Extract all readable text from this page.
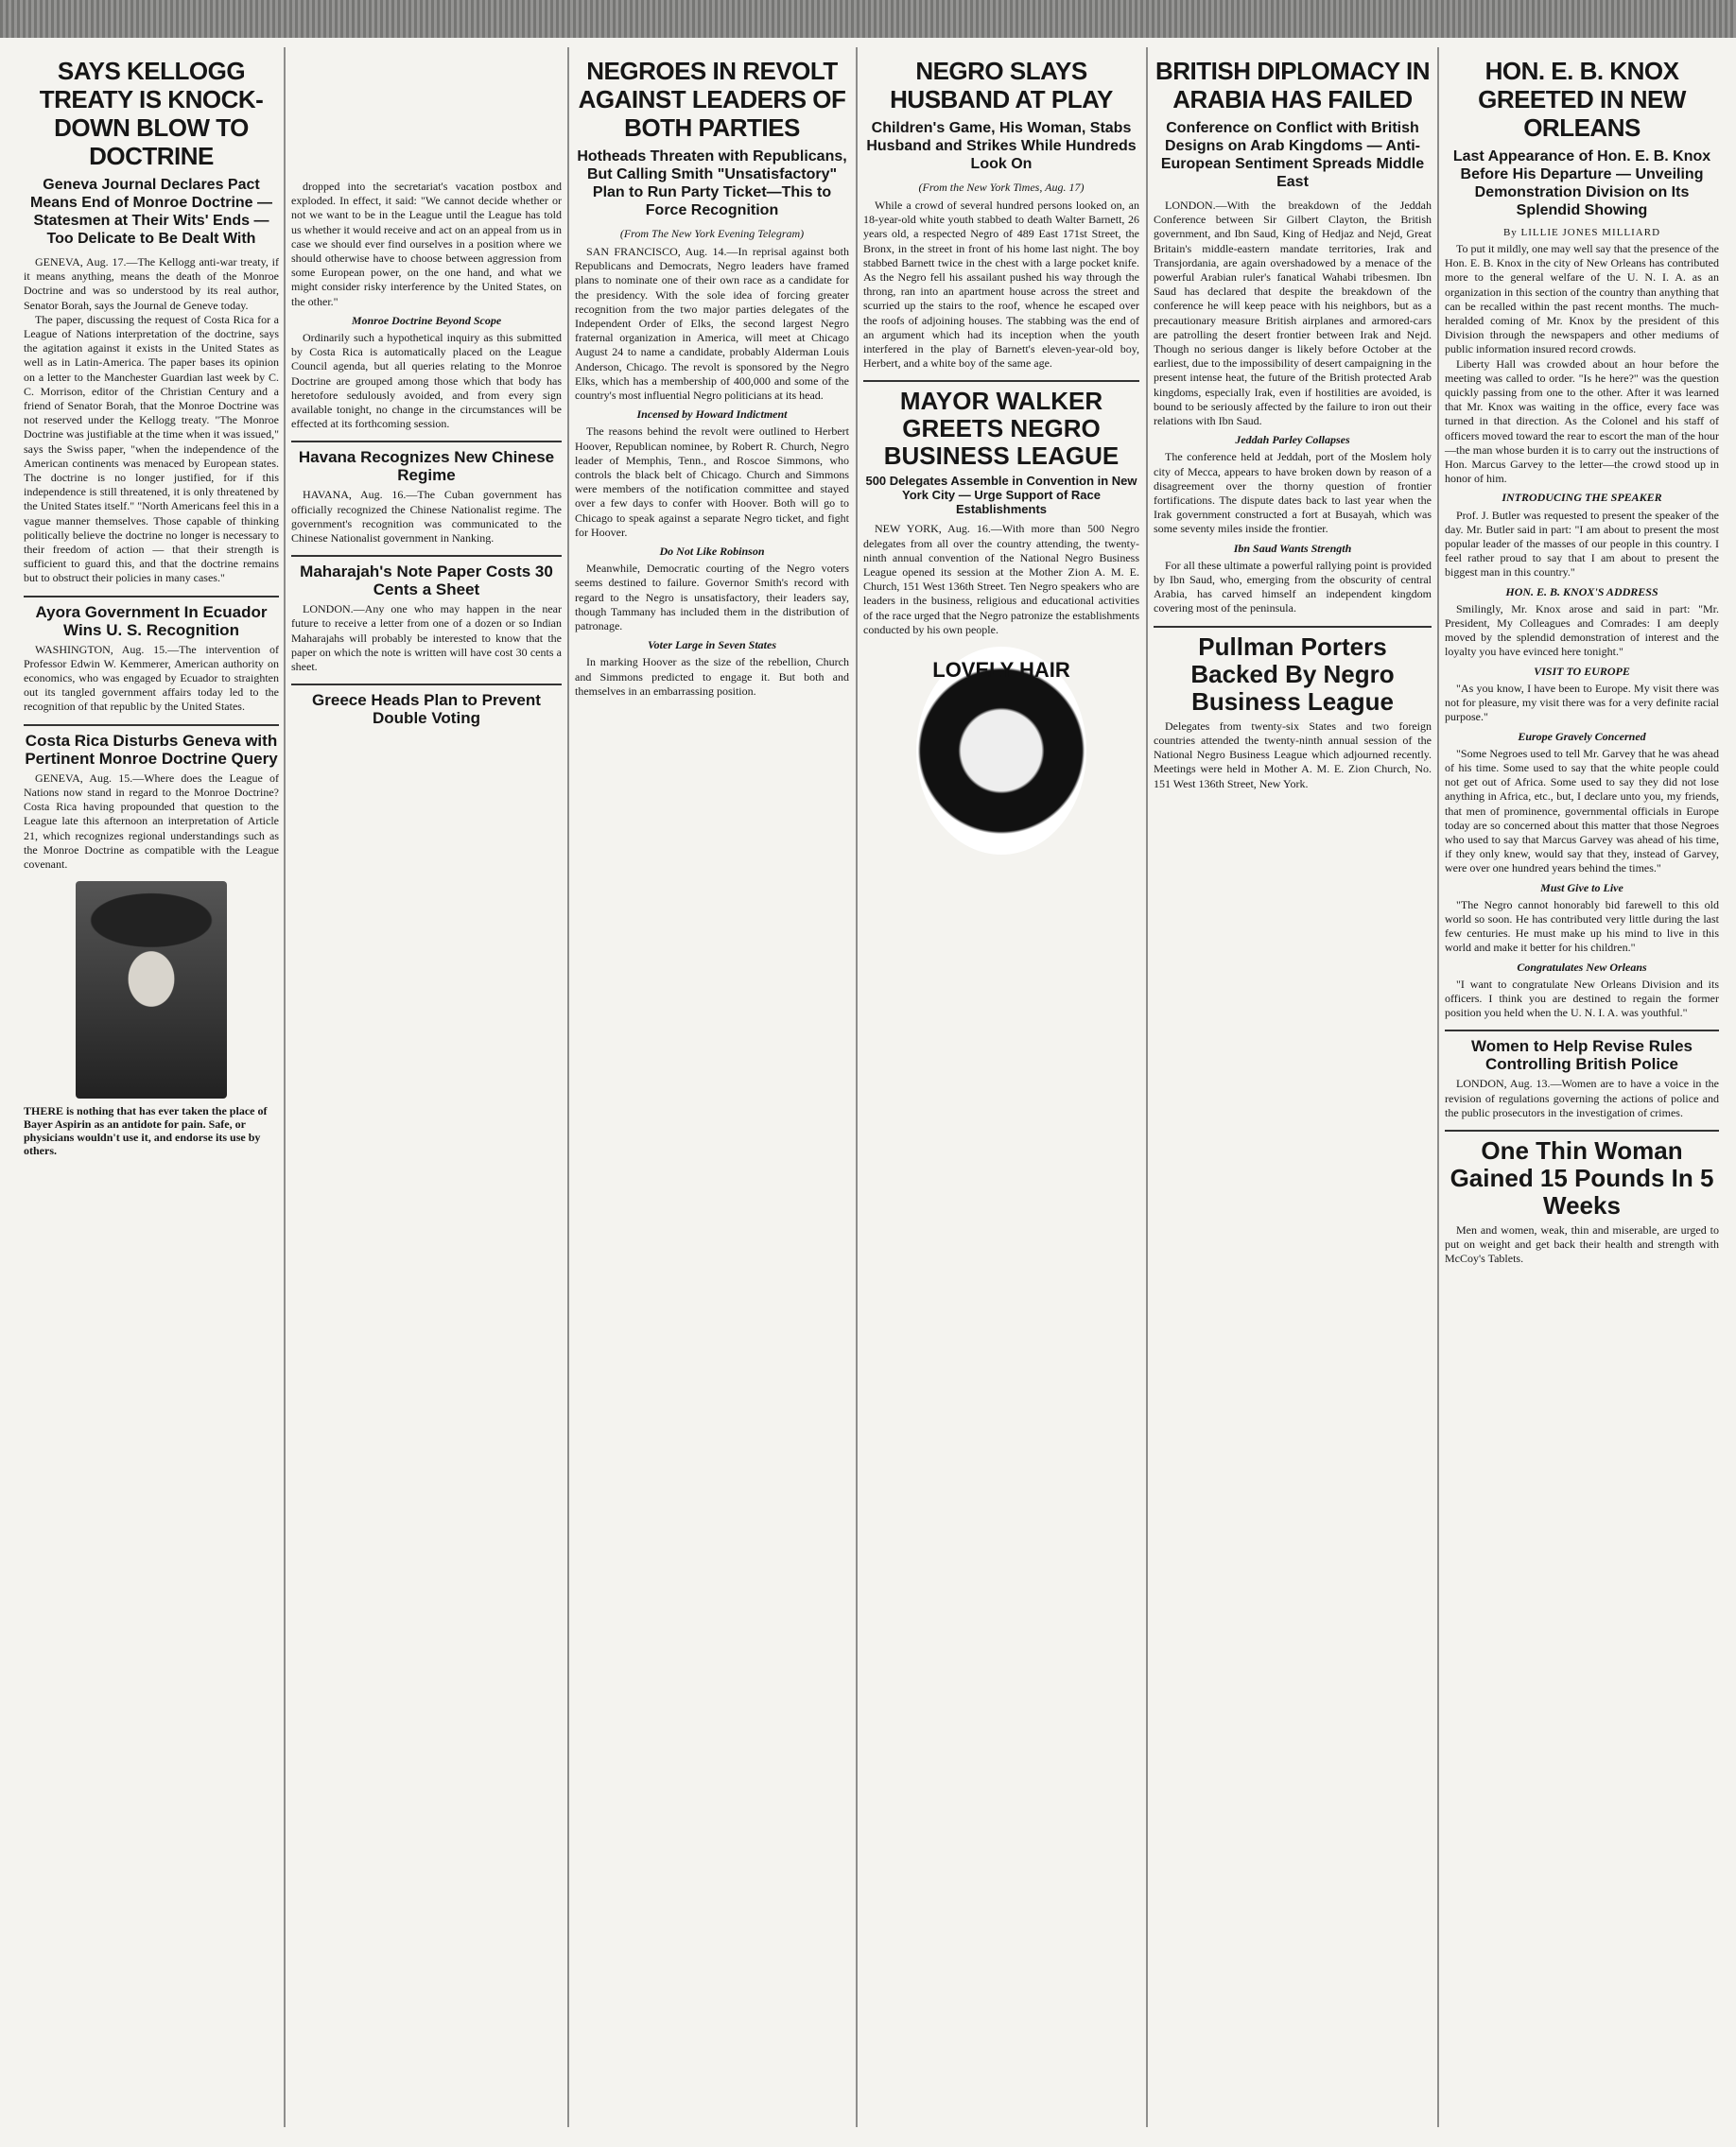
SAYS KELLOGG TREATY IS KNOCK-DOWN BLOW TO DOCTRINE
Geneva Journal Declares Pact Means End of Monroe Doctrine — Statesmen at Their Wits' Ends — Too Delicate to Be Dealt With

GENEVA, Aug. 17.—The Kellogg anti-war treaty, if it means anything, means the death of the Monroe Doctrine and was so understood by its real author, Senator Borah, says the Journal de Geneve today.

The paper, discussing the request of Costa Rica for a League of Nations interpretation of the doctrine, says the agitation against it exists in the United States as well as in Latin-America. The paper bases its opinion on a letter to the Manchester Guardian last week by C. C. Morrison, editor of the Christian Century and a friend of Senator Borah, that the Monroe Doctrine was not reserved under the Kellogg treaty. "The Monroe Doctrine was justifiable at the time when it was issued," says the Swiss paper, "when the independence of the American continents was menaced by European states. The doctrine is no longer justified, for if this independence is still threatened, it is only threatened by the United States itself." "North Americans feel this in a vague manner themselves. Those capable of thinking politically believe the doctrine no longer is necessary to their freedom of action — that their strength is sufficient to guard this, and that the doctrine remains but to obstruct their policies in many cases."

Ayora Government In Ecuador Wins U. S. Recognition

WASHINGTON, Aug. 15.—The intervention of Professor Edwin W. Kemmerer, American authority on economics, who was engaged by Ecuador to straighten out its tangled government affairs today led to the recognition of that republic by the United States.

Costa Rica Disturbs Geneva with Pertinent Monroe Doctrine Query

GENEVA, Aug. 15.—Where does the League of Nations now stand in regard to the Monroe Doctrine? Costa Rica having propounded that question to the League late this afternoon an interpretation of Article 21, which recognizes regional understandings such as the Monroe Doctrine as compatible with the League covenant.

THERE is nothing that has ever taken the place of Bayer Aspirin as an antidote for pain. Safe, or physicians wouldn't use it, and endorse its use by others.

dropped into the secretariat's vacation postbox and exploded. In effect, it said: "We cannot decide whether or not we want to be in the League until the League has told us whether it would receive and act on an appeal from us in case we should ever find ourselves in a position where we should otherwise have to choose between aggression from some European power, on the one hand, and what we might consider risky interference by the United States, on the other."

Monroe Doctrine Beyond Scope

Ordinarily such a hypothetical inquiry as this submitted by Costa Rica is automatically placed on the League Council agenda, but all queries relating to the Monroe Doctrine are grouped among those which that body has heretofore sedulously avoided, and from every sign available tonight, no change in the circumstances will be effected at its forthcoming session.

Havana Recognizes New Chinese Regime

HAVANA, Aug. 16.—The Cuban government has officially recognized the Chinese Nationalist regime. The government's recognition was communicated to the Chinese Nationalist government in Nanking.

Maharajah's Note Paper Costs 30 Cents a Sheet

LONDON.—Any one who may happen in the near future to receive a letter from one of a dozen or so Indian Maharajahs will probably be interested to know that the paper on which the note is written will have cost 30 cents a sheet.

Greece Heads Plan to Prevent Double Voting
NEGROES IN REVOLT AGAINST LEADERS OF BOTH PARTIES
Hotheads Threaten with Republicans, But Calling Smith "Unsatisfactory" Plan to Run Party Ticket—This to Force Recognition
(From The New York Evening Telegram)

SAN FRANCISCO, Aug. 14.—In reprisal against both Republicans and Democrats, Negro leaders have framed plans to nominate one of their own race as a candidate for the presidency. With the sole idea of forcing greater recognition from the two major parties delegates of the Independent Order of Elks, the second largest Negro fraternal organization in America, will meet at Chicago August 24 to name a candidate, probably Alderman Louis Anderson, Chicago. The revolt is sponsored by the Negro Elks, which has a membership of 400,000 and some of the country's most influential Negro politicians at its head.

Incensed by Howard Indictment

The reasons behind the revolt were outlined to Herbert Hoover, Republican nominee, by Robert R. Church, Negro leader of Memphis, Tenn., and Roscoe Simmons, who controls the black belt of Chicago. Church and Simmons were members of the notification committee and stayed over a few days to confer with Hoover. Both will go to Chicago to speak against a separate Negro ticket, and fight for Hoover.

Do Not Like Robinson

Meanwhile, Democratic courting of the Negro voters seems destined to failure. Governor Smith's record with regard to the Negro is unsatisfactory, their leaders say, though Tammany has included them in the distribution of patronage.

Voter Large in Seven States

In marking Hoover as the size of the rebellion, Church and Simmons predicted to engage it. But both and themselves in an embarrassing position.

NEGRO SLAYS HUSBAND AT PLAY
Children's Game, His Woman, Stabs Husband and Strikes While Hundreds Look On
(From the New York Times, Aug. 17)

While a crowd of several hundred persons looked on, an 18-year-old white youth stabbed to death Walter Barnett, 26 years old, a respected Negro of 489 East 171st Street, the Bronx, in the street in front of his home last night. The boy stabbed Barnett twice in the chest with a large pocket knife. As the Negro fell his assailant pushed his way through the throng, ran into an apartment house across the street and scurried up the stairs to the roof, whence he escaped over the roofs of adjoining houses. The stabbing was the end of an argument which had its inception when the youth interfered in the play of Barnett's eleven-year-old boy, Herbert, and a white boy of the same age.

MAYOR WALKER GREETS NEGRO BUSINESS LEAGUE
500 Delegates Assemble in Convention in New York City — Urge Support of Race Establishments

NEW YORK, Aug. 16.—With more than 500 Negro delegates from all over the country attending, the twenty-ninth annual convention of the National Negro Business League opened its session at the Mother Zion A. M. E. Church, 151 West 136th Street. Ten Negro speakers who are leaders in the business, religious and educational activities of the race urged that the Negro patronize the establishments conducted by his own people.

LOVELY HAIR
BRITISH DIPLOMACY IN ARABIA HAS FAILED
Conference on Conflict with British Designs on Arab Kingdoms — Anti-European Sentiment Spreads Middle East

LONDON.—With the breakdown of the Jeddah Conference between Sir Gilbert Clayton, the British government, and Ibn Saud, King of Hedjaz and Nejd, Great Britain's middle-eastern mandate territories, Irak and Transjordania, are again overshadowed by a menace of the powerful Arabian ruler's fanatical Wahabi tribesmen. Ibn Saud has declared that despite the breakdown of the conference he will keep peace with his neighbors, but as a precautionary measure British airplanes and armored-cars are patrolling the desert frontier between Irak and Nejd. Though no serious danger is likely before October at the earliest, due to the impossibility of desert campaigning in the present intense heat, the future of the British protected Arab kingdoms, especially Irak, even if hostilities are avoided, is bound to be seriously affected by the failure to iron out their relations with Ibn Saud.

Jeddah Parley Collapses

The conference held at Jeddah, port of the Moslem holy city of Mecca, appears to have broken down by reason of a disagreement over the thorny question of frontier fortifications. The dispute dates back to last year when the Irak government constructed a fort at Busayah, which was some seventy miles inside the frontier.

Ibn Saud Wants Strength

For all these ultimate a powerful rallying point is provided by Ibn Saud, who, emerging from the obscurity of central Arabia, has carved himself an independent kingdom covering most of the peninsula.

Pullman Porters Backed By Negro Business League

Delegates from twenty-six States and two foreign countries attended the twenty-ninth annual session of the National Negro Business League which adjourned recently. Meetings were held in Mother A. M. E. Zion Church, No. 151 West 136th Street, New York.

HON. E. B. KNOX GREETED IN NEW ORLEANS
Last Appearance of Hon. E. B. Knox Before His Departure — Unveiling Demonstration Division on Its Splendid Showing
By LILLIE JONES MILLIARD

To put it mildly, one may well say that the presence of the Hon. E. B. Knox in the city of New Orleans has contributed more to the general welfare of the U. N. I. A. as an organization in this section of the country than anything that can be recalled within the past recent months. The much-heralded coming of Mr. Knox by the president of this Division through the newspapers and other mediums of public information insured record crowds.

Liberty Hall was crowded about an hour before the meeting was called to order. "Is he here?" was the question quickly passing from one to the other. After it was learned that Mr. Knox was waiting in the office, every face was turned in that direction. As the Colonel and his staff of officers moved toward the rear to escort the man of the hour—the man whose burden it is to carry out the instructions of Hon. Marcus Garvey to the letter—the crowd stood up in honor of him.

INTRODUCING THE SPEAKER

Prof. J. Butler was requested to present the speaker of the day. Mr. Butler said in part: "I am about to present the most popular leader of the masses of our people in this country. I feel rather proud to say that I am about to present the biggest man in this country."

HON. E. B. KNOX'S ADDRESS

Smilingly, Mr. Knox arose and said in part: "Mr. President, My Colleagues and Comrades: I am deeply moved by the splendid demonstration of interest and the loyalty you have evinced here tonight."

VISIT TO EUROPE

"As you know, I have been to Europe. My visit there was not for pleasure, my visit there was for a very definite racial purpose."

Europe Gravely Concerned

"Some Negroes used to tell Mr. Garvey that he was ahead of his time. Some used to say that the white people could not get out of Africa. Some used to say they did not lose anything in Africa, etc., but, I declare unto you, my friends, that men of prominence, governmental officials in Europe today are so concerned about this matter that those Negroes who used to say that Marcus Garvey was ahead of his time, if they only knew, would say that they, instead of Garvey, were over one hundred years behind the times."

Must Give to Live

"The Negro cannot honorably bid farewell to this old world so soon. He has contributed very little during the last few centuries. He must make up his mind to live in this world and make it better for his children."

Congratulates New Orleans

"I want to congratulate New Orleans Division and its officers. I think you are destined to regain the former position you held when the U. N. I. A. was youthful."

Women to Help Revise Rules Controlling British Police

LONDON, Aug. 13.—Women are to have a voice in the revision of regulations governing the actions of police and the public prosecutors in the investigation of crimes.

One Thin Woman Gained 15 Pounds In 5 Weeks

Men and women, weak, thin and miserable, are urged to put on weight and get back their health and strength with McCoy's Tablets.
